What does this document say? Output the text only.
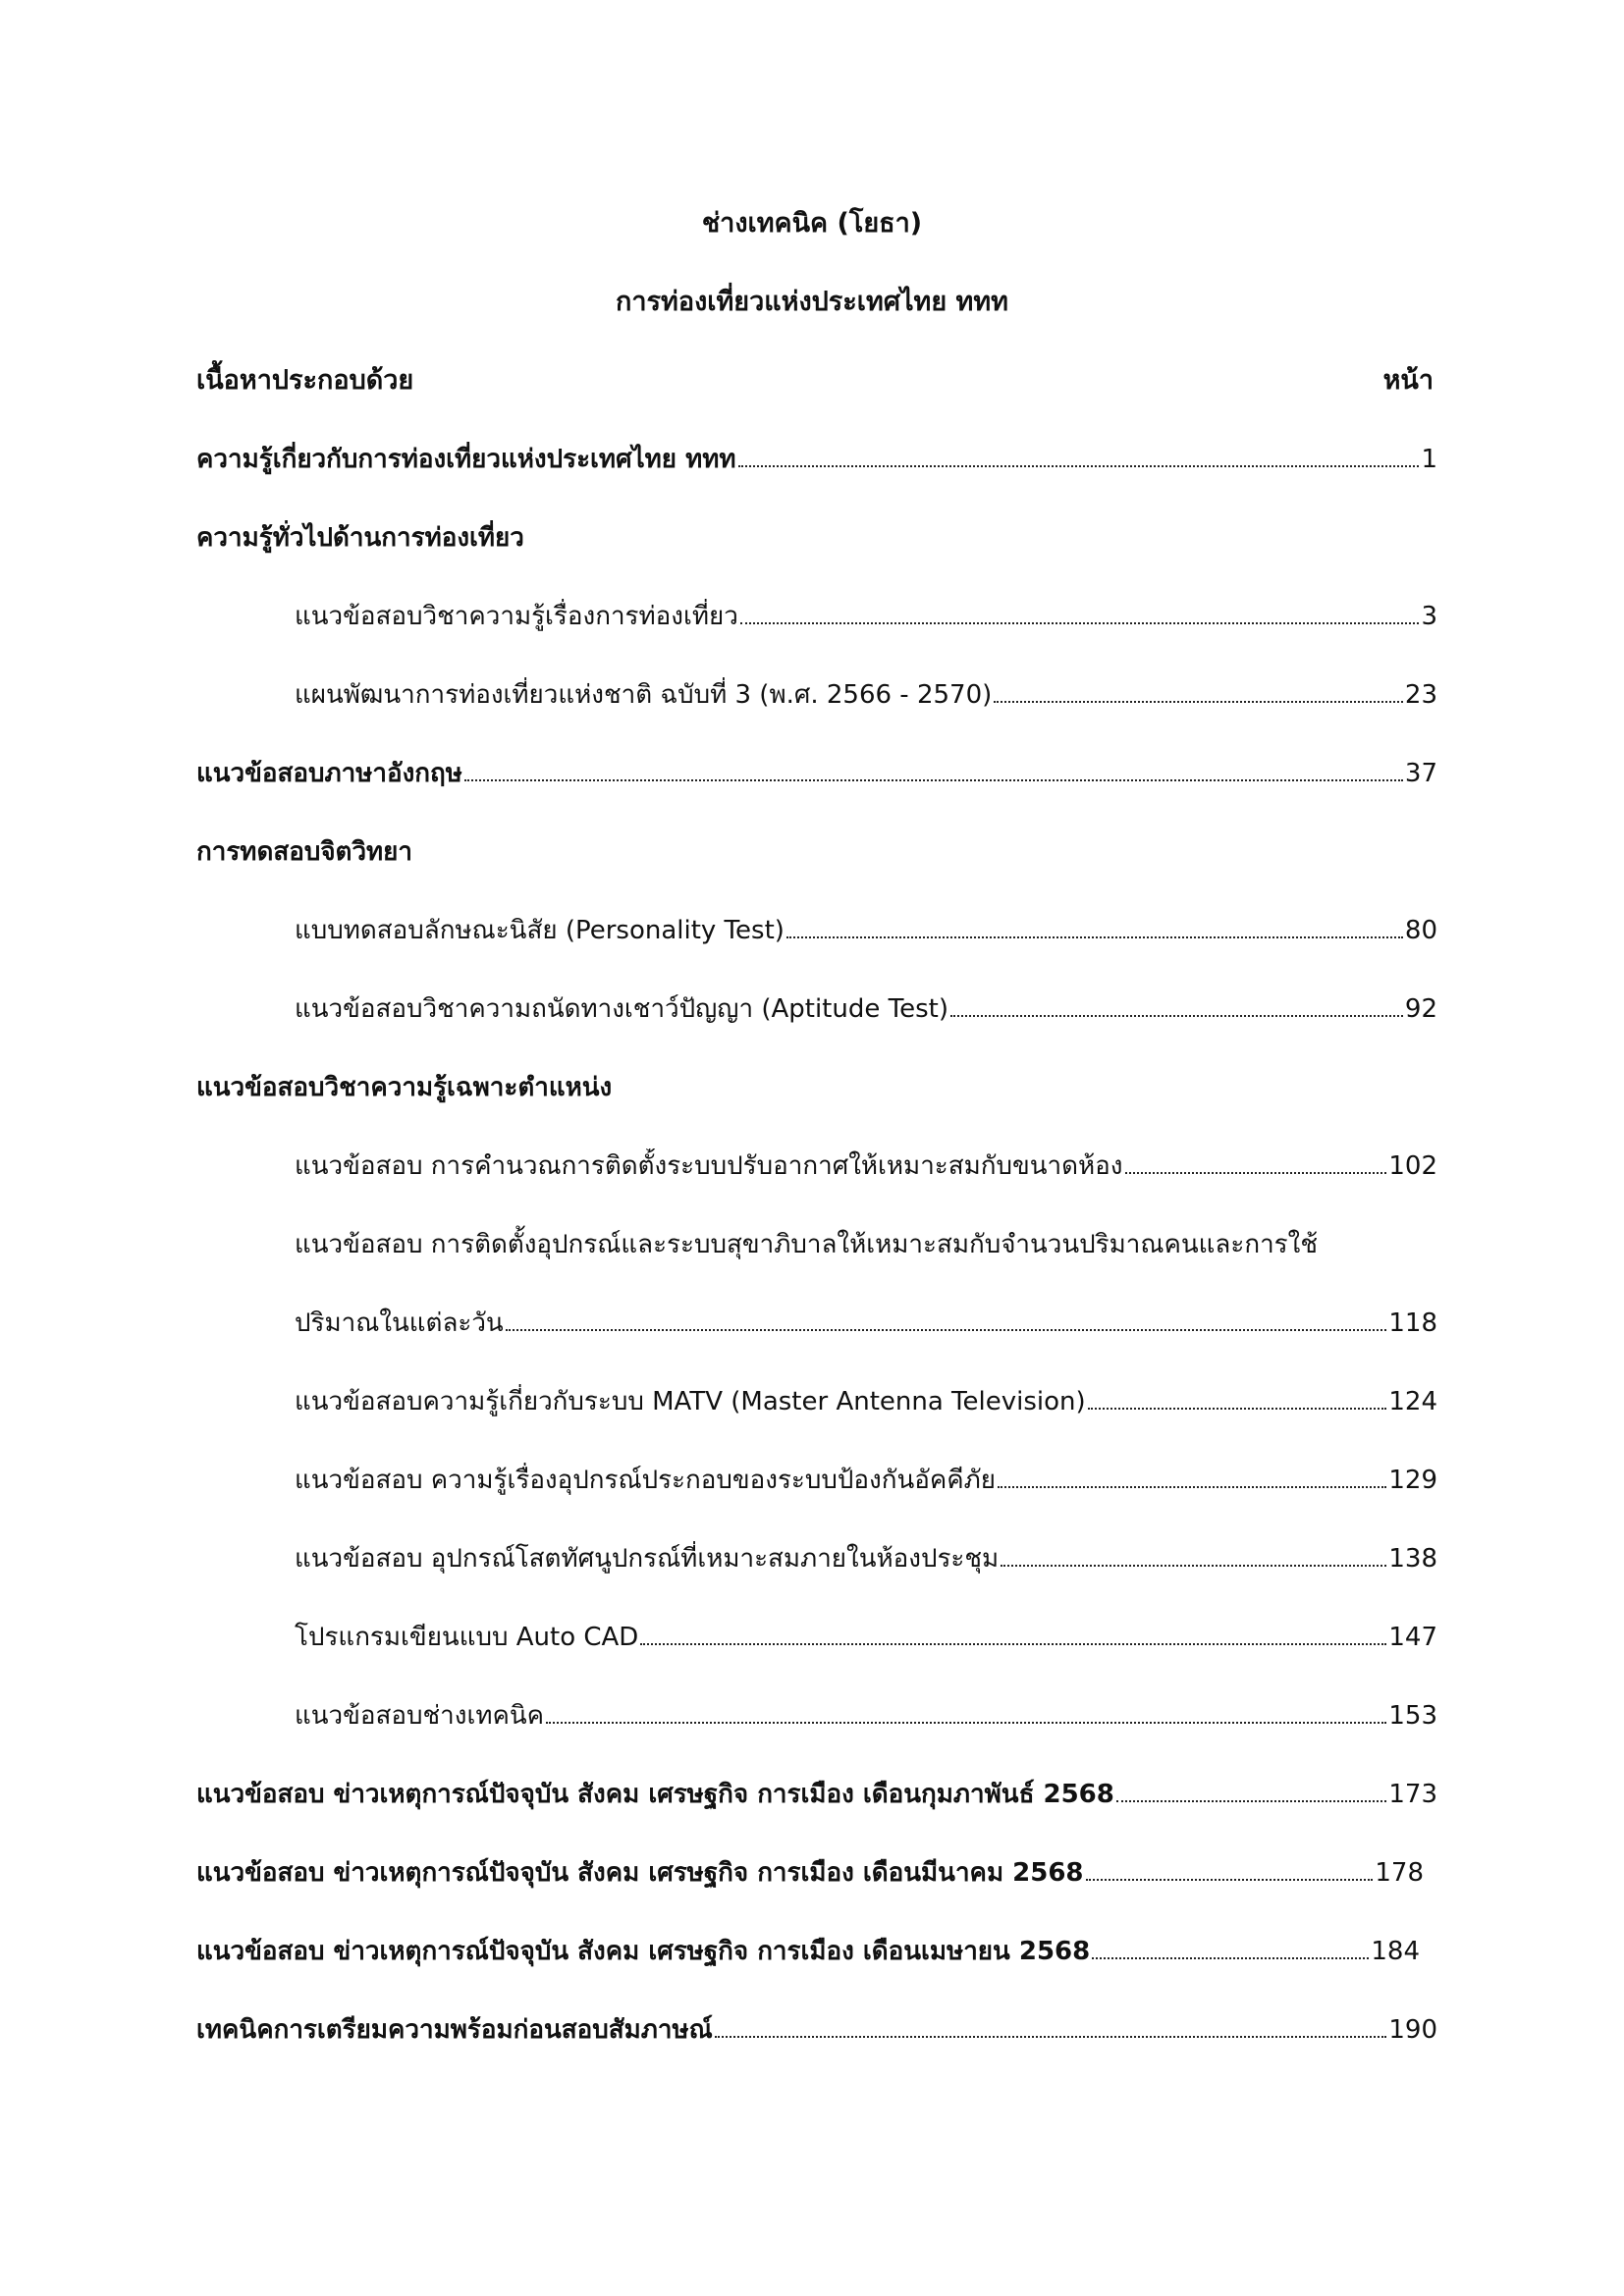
ช่างเทคนิค (โยธา)
การท่องเที่ยวแห่งประเทศไทย ททท
เนื้อหาประกอบด้วย	หน้า
ความรู้เกี่ยวกับการท่องเที่ยวแห่งประเทศไทย ททท	1
ความรู้ทั่วไปด้านการท่องเที่ยว
แนวข้อสอบวิชาความรู้เรื่องการท่องเที่ยว	3
แผนพัฒนาการท่องเที่ยวแห่งชาติ ฉบับที่ 3 (พ.ศ. 2566 - 2570)	23
แนวข้อสอบภาษาอังกฤษ	37
การทดสอบจิตวิทยา
แบบทดสอบลักษณะนิสัย (Personality Test)	80
แนวข้อสอบวิชาความถนัดทางเชาว์ปัญญา (Aptitude Test)	92
แนวข้อสอบวิชาความรู้เฉพาะตำแหน่ง
แนวข้อสอบ การคำนวณการติดตั้งระบบปรับอากาศให้เหมาะสมกับขนาดห้อง	102
แนวข้อสอบ การติดตั้งอุปกรณ์และระบบสุขาภิบาลให้เหมาะสมกับจำนวนปริมาณคนและการใช้
ปริมาณในแต่ละวัน	118
แนวข้อสอบความรู้เกี่ยวกับระบบ MATV (Master Antenna Television)	124
แนวข้อสอบ ความรู้เรื่องอุปกรณ์ประกอบของระบบป้องกันอัคคีภัย	129
แนวข้อสอบ อุปกรณ์โสตทัศนูปกรณ์ที่เหมาะสมภายในห้องประชุม	138
โปรแกรมเขียนแบบ Auto CAD	147
แนวข้อสอบช่างเทคนิค	153
แนวข้อสอบ ข่าวเหตุการณ์ปัจจุบัน สังคม เศรษฐกิจ การเมือง เดือนกุมภาพันธ์ 2568	173
แนวข้อสอบ ข่าวเหตุการณ์ปัจจุบัน สังคม เศรษฐกิจ การเมือง เดือนมีนาคม 2568	178
แนวข้อสอบ ข่าวเหตุการณ์ปัจจุบัน สังคม เศรษฐกิจ การเมือง เดือนเมษายน 2568	184
เทคนิคการเตรียมความพร้อมก่อนสอบสัมภาษณ์	190
